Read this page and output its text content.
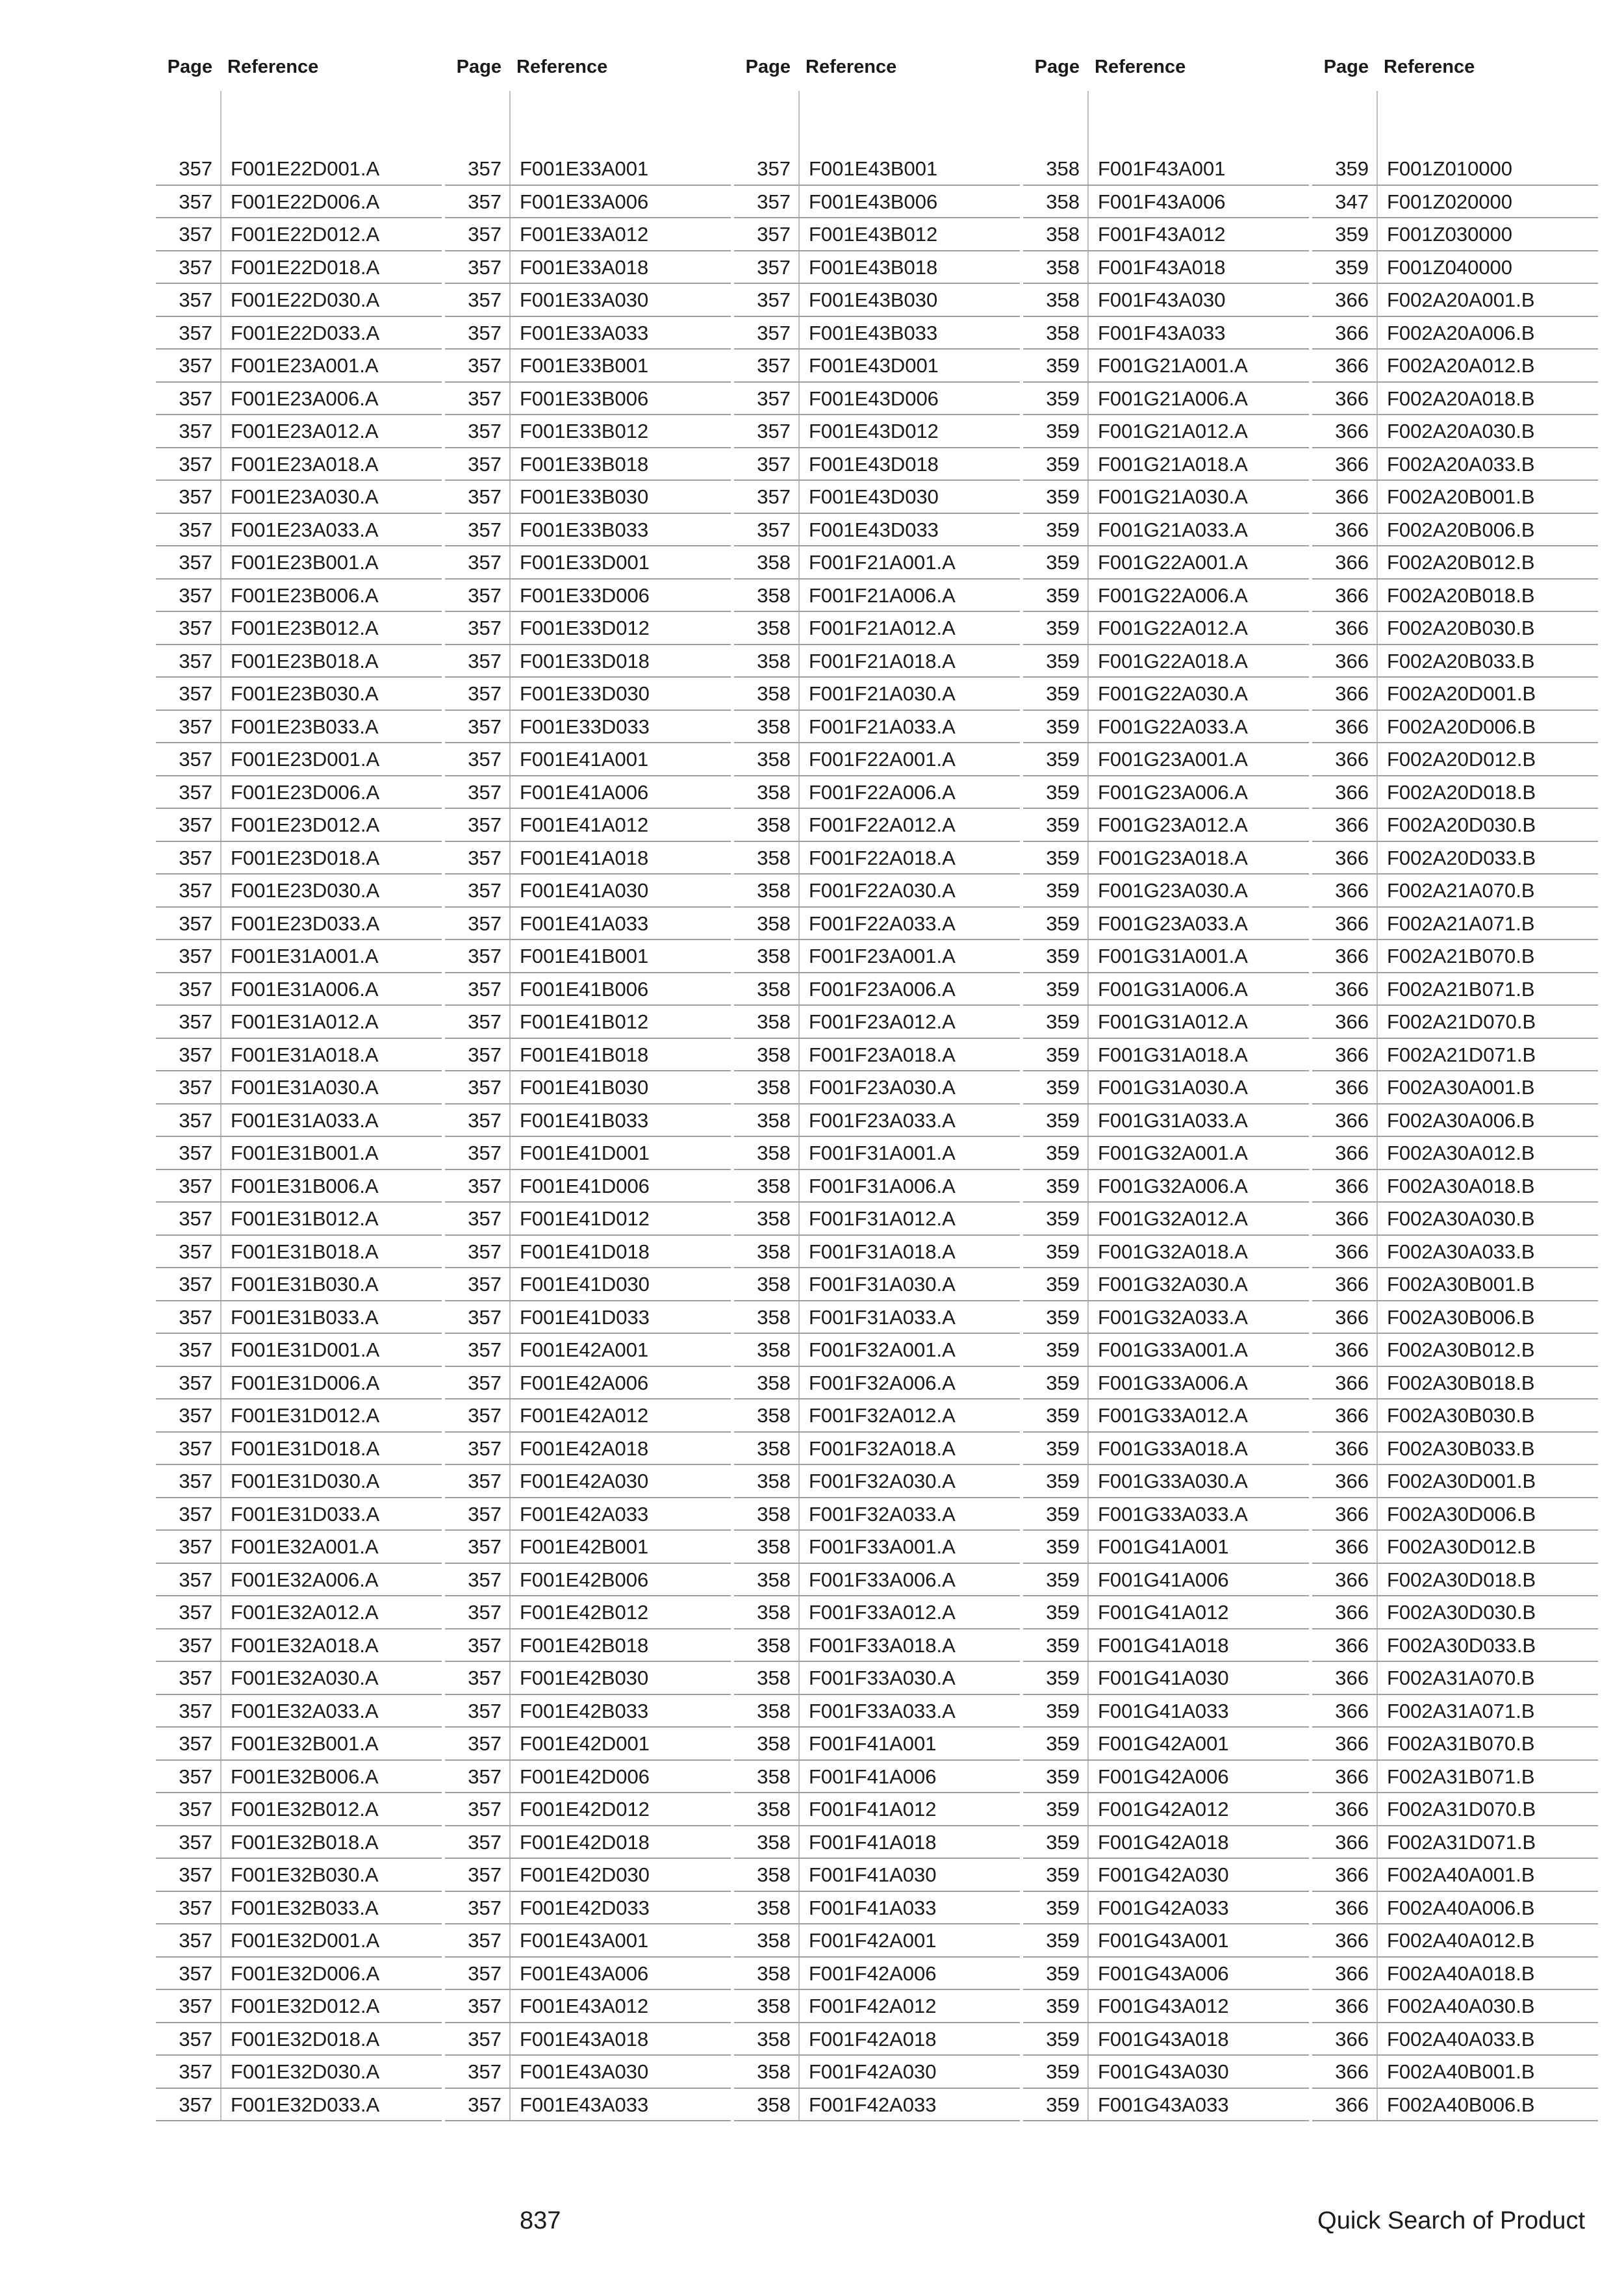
Page Reference
357 F001E22D001.A
357 F001E22D006.A
357 F001E22D012.A
357 F001E22D018.A
357 F001E22D030.A
357 F001E22D033.A
357 F001E23A001.A
357 F001E23A006.A
357 F001E23A012.A
357 F001E23A018.A
357 F001E23A030.A
357 F001E23A033.A
357 F001E23B001.A
357 F001E23B006.A
357 F001E23B012.A
357 F001E23B018.A
357 F001E23B030.A
357 F001E23B033.A
357 F001E23D001.A
357 F001E23D006.A
357 F001E23D012.A
357 F001E23D018.A
357 F001E23D030.A
357 F001E23D033.A
357 F001E31A001.A
357 F001E31A006.A
357 F001E31A012.A
357 F001E31A018.A
357 F001E31A030.A
357 F001E31A033.A
357 F001E31B001.A
357 F001E31B006.A
357 F001E31B012.A
357 F001E31B018.A
357 F001E31B030.A
357 F001E31B033.A
357 F001E31D001.A
357 F001E31D006.A
357 F001E31D012.A
357 F001E31D018.A
357 F001E31D030.A
357 F001E31D033.A
357 F001E32A001.A
357 F001E32A006.A
357 F001E32A012.A
357 F001E32A018.A
357 F001E32A030.A
357 F001E32A033.A
357 F001E32B001.A
357 F001E32B006.A
357 F001E32B012.A
357 F001E32B018.A
357 F001E32B030.A
357 F001E32B033.A
357 F001E32D001.A
357 F001E32D006.A
357 F001E32D012.A
357 F001E32D018.A
357 F001E32D030.A
357 F001E32D033.A
Page Reference
357 F001E33A001
357 F001E33A006
357 F001E33A012
357 F001E33A018
357 F001E33A030
357 F001E33A033
357 F001E33B001
357 F001E33B006
357 F001E33B012
357 F001E33B018
357 F001E33B030
357 F001E33B033
357 F001E33D001
357 F001E33D006
357 F001E33D012
357 F001E33D018
357 F001E33D030
357 F001E33D033
357 F001E41A001
357 F001E41A006
357 F001E41A012
357 F001E41A018
357 F001E41A030
357 F001E41A033
357 F001E41B001
357 F001E41B006
357 F001E41B012
357 F001E41B018
357 F001E41B030
357 F001E41B033
357 F001E41D001
357 F001E41D006
357 F001E41D012
357 F001E41D018
357 F001E41D030
357 F001E41D033
357 F001E42A001
357 F001E42A006
357 F001E42A012
357 F001E42A018
357 F001E42A030
357 F001E42A033
357 F001E42B001
357 F001E42B006
357 F001E42B012
357 F001E42B018
357 F001E42B030
357 F001E42B033
357 F001E42D001
357 F001E42D006
357 F001E42D012
357 F001E42D018
357 F001E42D030
357 F001E42D033
357 F001E43A001
357 F001E43A006
357 F001E43A012
357 F001E43A018
357 F001E43A030
357 F001E43A033
Page Reference
357 F001E43B001
357 F001E43B006
357 F001E43B012
357 F001E43B018
357 F001E43B030
357 F001E43B033
357 F001E43D001
357 F001E43D006
357 F001E43D012
357 F001E43D018
357 F001E43D030
357 F001E43D033
358 F001F21A001.A
358 F001F21A006.A
358 F001F21A012.A
358 F001F21A018.A
358 F001F21A030.A
358 F001F21A033.A
358 F001F22A001.A
358 F001F22A006.A
358 F001F22A012.A
358 F001F22A018.A
358 F001F22A030.A
358 F001F22A033.A
358 F001F23A001.A
358 F001F23A006.A
358 F001F23A012.A
358 F001F23A018.A
358 F001F23A030.A
358 F001F23A033.A
358 F001F31A001.A
358 F001F31A006.A
358 F001F31A012.A
358 F001F31A018.A
358 F001F31A030.A
358 F001F31A033.A
358 F001F32A001.A
358 F001F32A006.A
358 F001F32A012.A
358 F001F32A018.A
358 F001F32A030.A
358 F001F32A033.A
358 F001F33A001.A
358 F001F33A006.A
358 F001F33A012.A
358 F001F33A018.A
358 F001F33A030.A
358 F001F33A033.A
358 F001F41A001
358 F001F41A006
358 F001F41A012
358 F001F41A018
358 F001F41A030
358 F001F41A033
358 F001F42A001
358 F001F42A006
358 F001F42A012
358 F001F42A018
358 F001F42A030
358 F001F42A033
Page Reference
358 F001F43A001
358 F001F43A006
358 F001F43A012
358 F001F43A018
358 F001F43A030
358 F001F43A033
359 F001G21A001.A
359 F001G21A006.A
359 F001G21A012.A
359 F001G21A018.A
359 F001G21A030.A
359 F001G21A033.A
359 F001G22A001.A
359 F001G22A006.A
359 F001G22A012.A
359 F001G22A018.A
359 F001G22A030.A
359 F001G22A033.A
359 F001G23A001.A
359 F001G23A006.A
359 F001G23A012.A
359 F001G23A018.A
359 F001G23A030.A
359 F001G23A033.A
359 F001G31A001.A
359 F001G31A006.A
359 F001G31A012.A
359 F001G31A018.A
359 F001G31A030.A
359 F001G31A033.A
359 F001G32A001.A
359 F001G32A006.A
359 F001G32A012.A
359 F001G32A018.A
359 F001G32A030.A
359 F001G32A033.A
359 F001G33A001.A
359 F001G33A006.A
359 F001G33A012.A
359 F001G33A018.A
359 F001G33A030.A
359 F001G33A033.A
359 F001G41A001
359 F001G41A006
359 F001G41A012
359 F001G41A018
359 F001G41A030
359 F001G41A033
359 F001G42A001
359 F001G42A006
359 F001G42A012
359 F001G42A018
359 F001G42A030
359 F001G42A033
359 F001G43A001
359 F001G43A006
359 F001G43A012
359 F001G43A018
359 F001G43A030
359 F001G43A033
Page Reference
359 F001Z010000
347 F001Z020000
359 F001Z030000
359 F001Z040000
366 F002A20A001.B
366 F002A20A006.B
366 F002A20A012.B
366 F002A20A018.B
366 F002A20A030.B
366 F002A20A033.B
366 F002A20B001.B
366 F002A20B006.B
366 F002A20B012.B
366 F002A20B018.B
366 F002A20B030.B
366 F002A20B033.B
366 F002A20D001.B
366 F002A20D006.B
366 F002A20D012.B
366 F002A20D018.B
366 F002A20D030.B
366 F002A20D033.B
366 F002A21A070.B
366 F002A21A071.B
366 F002A21B070.B
366 F002A21B071.B
366 F002A21D070.B
366 F002A21D071.B
366 F002A30A001.B
366 F002A30A006.B
366 F002A30A012.B
366 F002A30A018.B
366 F002A30A030.B
366 F002A30A033.B
366 F002A30B001.B
366 F002A30B006.B
366 F002A30B012.B
366 F002A30B018.B
366 F002A30B030.B
366 F002A30B033.B
366 F002A30D001.B
366 F002A30D006.B
366 F002A30D012.B
366 F002A30D018.B
366 F002A30D030.B
366 F002A30D033.B
366 F002A31A070.B
366 F002A31A071.B
366 F002A31B070.B
366 F002A31B071.B
366 F002A31D070.B
366 F002A31D071.B
366 F002A40A001.B
366 F002A40A006.B
366 F002A40A012.B
366 F002A40A018.B
366 F002A40A030.B
366 F002A40A033.B
366 F002A40B001.B
366 F002A40B006.B
837	Quick Search of Product
